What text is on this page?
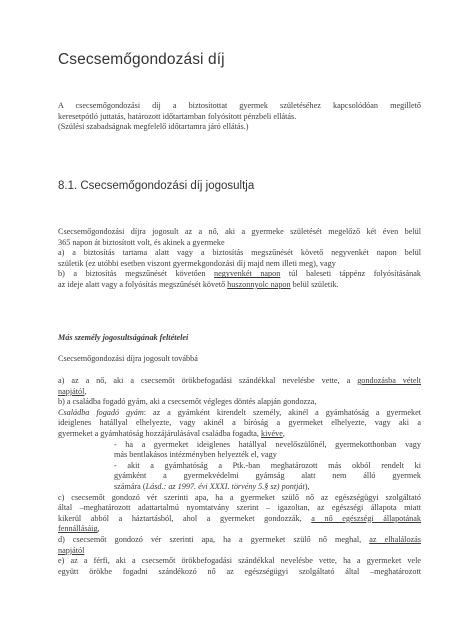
Csecsemőgondozási díj
A csecsemőgondozási díj a biztosítottat gyermek születéséhez kapcsolódóan megillető
keresetpótló juttatás, határozott időtartamban folyósított pénzbeli ellátás.
(Szülési szabadságnak megfelelő időtartamra járó ellátás.)
8.1. Csecsemőgondozási díj jogosultja
Csecsemőgondozási díjra jogosult az a nő, aki a gyermeke születését megelőző két éven belül
365 napon át biztosított volt, és akinek a gyermeke
a) a biztosítás tartama alatt vagy a biztosítás megszűnését követő negyvenkét napon belül
születik (ez utóbbi esetben viszont gyermekgondozási díj majd nem illeti meg), vagy
b) a biztosítás megszűnését követően negyvenkét napon túl baleseti táppénz folyósításának
az ideje alatt vagy a folyósítás megszűnését követő huszonnyolc napon belül születik.
Más személy jogosultságának feltételei
Csecsemőgondozási díjra jogosult továbbá
a) az a nő, aki a csecsemőt örökbefogadási szándékkal nevelésbe vette, a gondozásba vételt
napjától,
b) a családba fogadó gyám, aki a csecsemőt végleges döntés alapján gondozza,
Családba fogadó gyám: az a gyámként kirendelt személy, akinél a gyámhatóság a gyermeket
ideiglenes hatállyal elhelyezte, vagy akinél a bíróság a gyermeket elhelyezte, vagy aki a
gyermeket a gyámhatóság hozzájárulásával családba fogadta, kivéve,
- ha a gyermeket ideiglenes hatállyal nevelőszülőnél, gyermekotthonban vagy
más bentlakásos intézményben helyezték el, vagy
- akit a gyámhatóság a Ptk.-ban meghatározott más okból rendelt ki
gyámként a gyermekvédelmi gyámság alatt nem álló gyermek
számára (Lásd.: az 1997. évi XXXI. törvény 5.§ sz) pontját),
c) csecsemőt gondozó vér szerinti apa, ha a gyermeket szülő nő az egészségügyi szolgáltató
által –meghatározott adattartalmú nyomtatvány szerint – igazoltan, az egészségi állapota miatt
kikerül abból a háztartásból, ahol a gyermeket gondozzák, a nő egészségi állapotának
fennállásáig,
d) csecsemőt gondozó vér szerinti apa, ha a gyermeket szülő nő meghal, az elhalálozás
napjától
e) az a férfi, aki a csecsemőt örökbefogadási szándékkal nevelésbe vette, ha a gyermeket vele
együtt örökbe fogadni szándékozó nő az egészségügyi szolgáltató által –meghatározott
